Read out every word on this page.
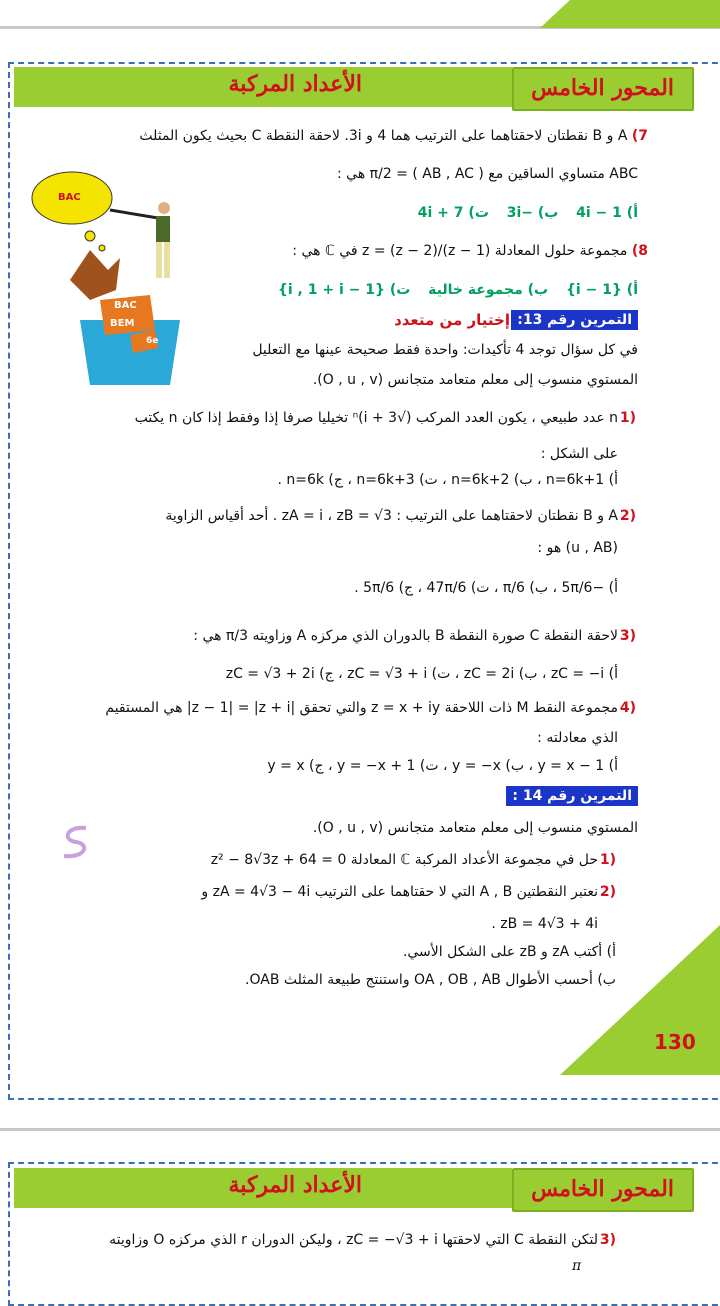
الأعداد المركبة	المحور الخامس
BAC
BAC
BEM
6e
7) A و B نقطتان لاحقتاهما على الترتيب هما 4 و 3i. لاحقة النقطة C بحيث يكون المثلث
ABC متساوي الساقين مع ( AB , AC ) = π/2 هي :
أ) 1 − 4i    ب) −3i    ت) 7 + 4i
8) مجموعة حلول المعادلة z = (z − 2)/(z − 1) في ℂ هي :
أ) {1 − i}    ب) مجموعة خالية    ت) {1 − i , 1 + i}
التمرين رقم 13:
إختيار من متعدد
في كل سؤال توجد 4 تأكيدات: واحدة فقط صحيحة عينها مع التعليل
المستوي منسوب إلى معلم متعامد متجانس (O , u , v).
n عدد طبيعي ، يكون العدد المركب (√3 + i)ⁿ تخيليا صرفا إذا وفقط إذا كان n يكتب 1)
على الشكل :
أ) n=6k+1 ، ب) n=6k+2 ، ت) n=6k+3 ، ج) n=6k .
2)
A و B نقطتان لاحقتاهما على الترتيب : zA = i ، zB = √3 . أحد أقياس الزاوية
(u , AB) هو :
أ) −5π/6 ، ب) π/6 ، ت) 47π/6 ، ج) 5π/6 .
3)
لاحقة النقطة C صورة النقطة B بالدوران الذي مركزه A وزاويته π/3 هي :
أ) zC = −i ، ب) zC = 2i ، ت) zC = √3 + i ، ج) zC = √3 + 2i
4)
مجموعة النقط M ذات اللاحقة z = x + iy والتي تحقق |z − 1| = |z + i| هي المستقيم
الذي معادلته :
أ) y = x − 1 ، ب) y = −x ، ت) y = −x + 1 ، ج) y = x
التمرين رقم 14 :
المستوي منسوب إلى معلم متعامد متجانس (O , u , v).
1)
حل في مجموعة الأعداد المركبة ℂ المعادلة z² − 8√3z + 64 = 0
2)
نعتبر النقطتين A , B التي لا حقتاهما على الترتيب zA = 4√3 − 4i و
zB = 4√3 + 4i .
أ) أكتب zA و zB على الشكل الأسي.
ب) أحسب الأطوال OA , OB , AB واستنتج طبيعة المثلث OAB.
130
الأعداد المركبة	المحور الخامس
3)
لتكن النقطة C التي لاحقتها zC = −√3 + i ، وليكن الدوران r الذي مركزه O وزاويته
π
